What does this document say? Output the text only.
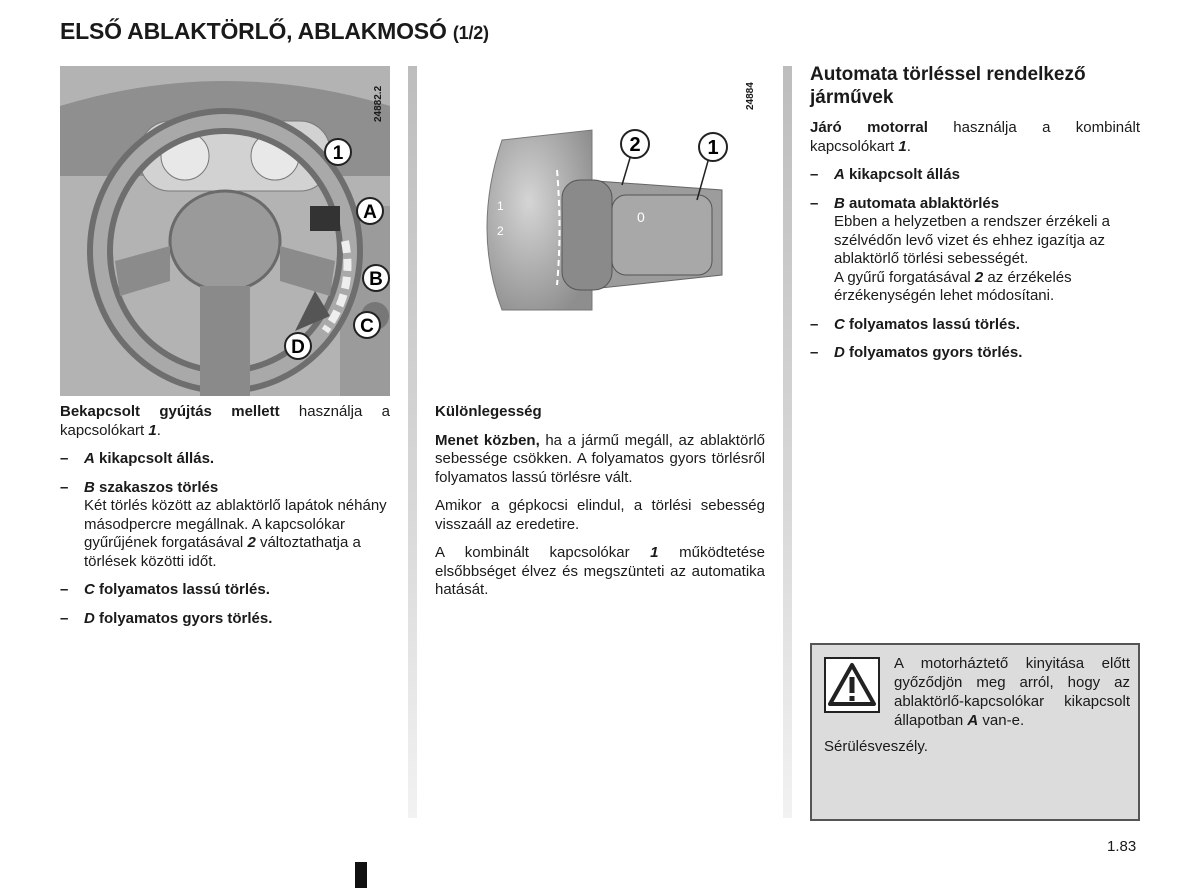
ELSŐ ABLAKTÖRLŐ, ABLAKMOSÓ (1/2)
1
A
B
C
D
24882.2
1
2
0
2	1
24884

Bekapcsolt gyújtás mellett használja a kapcsolókart 1.

– A kikapcsolt állás.
– B szakaszos törlés
Két törlés között az ablaktörlő lapátok néhány másodpercre megállnak. A kapcsolókar gyűrűjének forgatásával 2 változtathatja a törlések közötti időt.
– C folyamatos lassú törlés.
– D folyamatos gyors törlés.

Különlegesség

Menet közben, ha a jármű megáll, az ablaktörlő sebessége csökken. A folyamatos gyors törlésről folyamatos lassú törlésre vált.

Amikor a gépkocsi elindul, a törlési sebesség visszaáll az eredetire.

A kombinált kapcsolókar 1 működtetése elsőbbséget élvez és megszünteti az automatika hatását.

Automata törléssel rendelkező járművek

Járó motorral használja a kombinált kapcsolókart 1.

– A kikapcsolt állás
– B automata ablaktörlés
Ebben a helyzetben a rendszer érzékeli a szélvédőn levő vizet és ehhez igazítja az ablaktörlő törlési sebességét.
A gyűrű forgatásával 2 az érzékelés érzékenységén lehet módosítani.
– C folyamatos lassú törlés.
– D folyamatos gyors törlés.
A motorháztető kinyitása előtt győződjön meg arról, hogy az ablaktörlő-kapcsolókar kikapcsolt állapotban A van-e.
Sérülésveszély.
1.83
